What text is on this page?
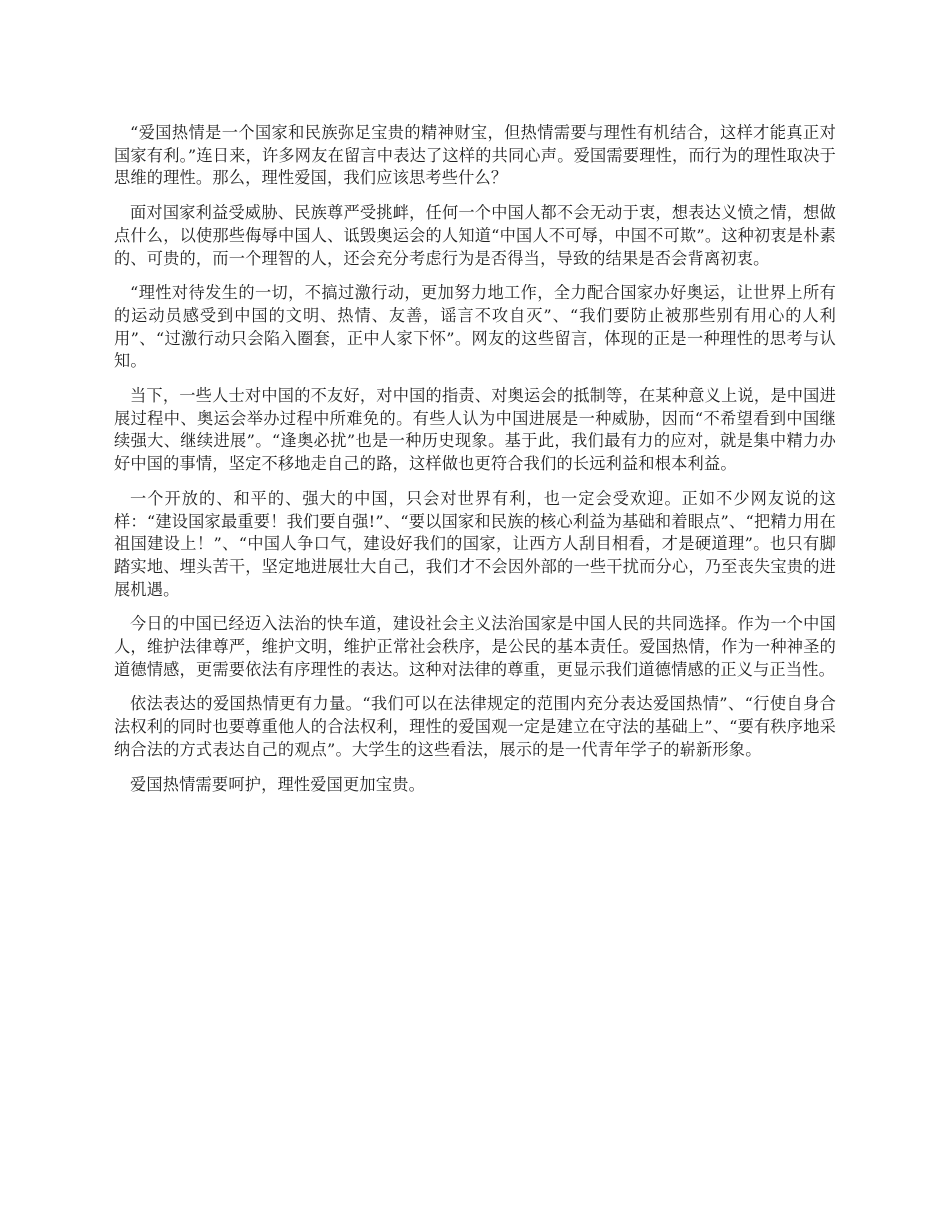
“爱国热情是一个国家和民族弥足宝贵的精神财宝，但热情需要与理性有机结合，这样才能真正对国家有利。”连日来，许多网友在留言中表达了这样的共同心声。爱国需要理性，而行为的理性取决于思维的理性。那么，理性爱国，我们应该思考些什么？

面对国家利益受威胁、民族尊严受挑衅，任何一个中国人都不会无动于衷，想表达义愤之情，想做点什么，以使那些侮辱中国人、诋毁奥运会的人知道“中国人不可辱，中国不可欺”。这种初衷是朴素的、可贵的，而一个理智的人，还会充分考虑行为是否得当，导致的结果是否会背离初衷。

“理性对待发生的一切，不搞过激行动，更加努力地工作，全力配合国家办好奥运，让世界上所有的运动员感受到中国的文明、热情、友善，谣言不攻自灭”、“我们要防止被那些别有用心的人利用”、“过激行动只会陷入圈套，正中人家下怀”。网友的这些留言，体现的正是一种理性的思考与认知。

当下，一些人士对中国的不友好，对中国的指责、对奥运会的抵制等，在某种意义上说，是中国进展过程中、奥运会举办过程中所难免的。有些人认为中国进展是一种威胁，因而“不希望看到中国继续强大、继续进展”。“逢奥必扰”也是一种历史现象。基于此，我们最有力的应对，就是集中精力办好中国的事情，坚定不移地走自己的路，这样做也更符合我们的长远利益和根本利益。

一个开放的、和平的、强大的中国，只会对世界有利，也一定会受欢迎。正如不少网友说的这样：“建设国家最重要！我们要自强!”、“要以国家和民族的核心利益为基础和着眼点”、“把精力用在祖国建设上！”、“中国人争口气，建设好我们的国家，让西方人刮目相看，才是硬道理”。也只有脚踏实地、埋头苦干，坚定地进展壮大自己，我们才不会因外部的一些干扰而分心，乃至丧失宝贵的进展机遇。

今日的中国已经迈入法治的快车道，建设社会主义法治国家是中国人民的共同选择。作为一个中国人，维护法律尊严，维护文明，维护正常社会秩序，是公民的基本责任。爱国热情，作为一种神圣的道德情感，更需要依法有序理性的表达。这种对法律的尊重，更显示我们道德情感的正义与正当性。

依法表达的爱国热情更有力量。“我们可以在法律规定的范围内充分表达爱国热情”、“行使自身合法权利的同时也要尊重他人的合法权利，理性的爱国观一定是建立在守法的基础上”、“要有秩序地采纳合法的方式表达自己的观点”。大学生的这些看法，展示的是一代青年学子的崭新形象。

爱国热情需要呵护，理性爱国更加宝贵。
